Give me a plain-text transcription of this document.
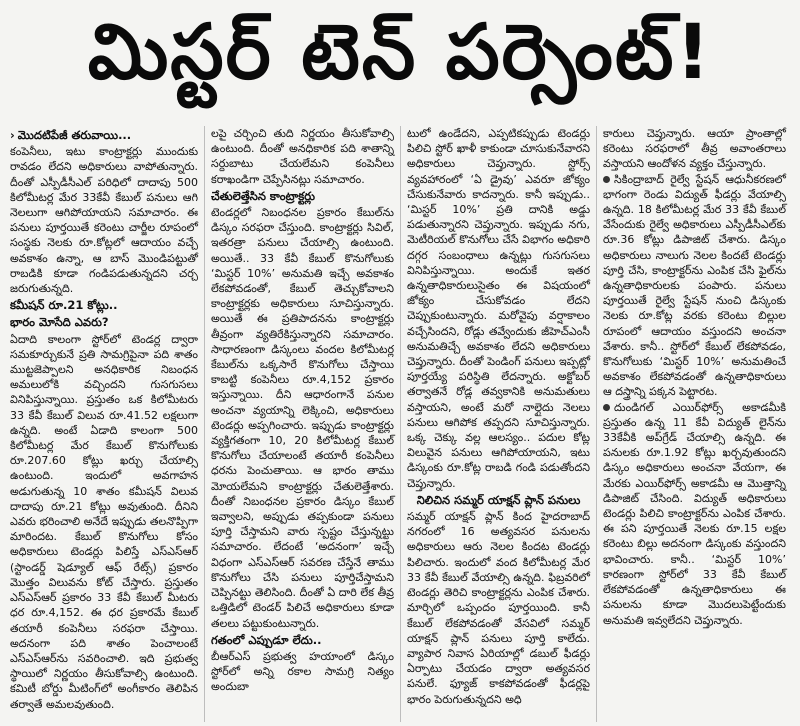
మిస్టర్ టెన్ పర్సెంట్!
› మొదటిపేజీ తరువాయి...

కంపెనీలు, ఇటు కాంట్రాక్టర్లు ముందుకు రావడం లేదని అధికారులు వాపోతున్నారు. దీంతో ఎస్పీడీసీఎల్ పరిధిలో దాదాపు 500 కిలోమీటర్ల మేర 33కేవీ కేబుల్ పనులు ఆగి నెలలుగా ఆగిపోయాయని సమాచారం. ఈ పనులు పూర్తయితే కరెంటు చార్జీల రూపంలో సంస్థకు నెలకు రూ.కోట్లలో ఆదాయం వచ్చే అవకాశం ఉన్నా, ఆ బాస్ మొండిపట్టుతో రాబడికి కూడా గండిపడుతున్నదని చర్చ జరుగుతున్నది.

కమీషన్ రూ.21 కోట్లు..
భారం మోసేది ఎవరు?

ఏదాది కాలంగా స్టోర్‌లో టెండర్ల ద్వారా సమకూర్చుకునే ప్రతి సామగ్రిపైనా పది శాతం ముట్టజెప్పాలని అనధికారిక నిబంధన అమలులోకి వచ్చిందని గుసగుసలు వినిపిస్తున్నాయి. ప్రస్తుతం ఒక కిలోమీటరు 33 కేవీ కేబుల్ విలువ రూ.41.52 లక్షలుగా ఉన్నది. అంటే ఏడాది కాలంగా 500 కిలోమీటర్ల మేర కేబుల్ కొనుగోలుకు రూ.207.60 కోట్లు ఖర్చు చేయాల్సి ఉంటుంది. ఇందులో అవగాహన అడుగుతున్న 10 శాతం కమీషన్ విలువ దాదాపు రూ.21 కోట్లు అవుతుంది. దీనిని ఎవరు భరించాలి అనేదే ఇప్పుడు తలనొప్పిగా మారిందట. కేబుల్ కొనుగోలు కోసం అధికారులు టెండర్లు పిలిస్తే ఎస్ఎస్ఆర్ (స్టాండర్డ్ షెడ్యూల్ ఆఫ్ రేట్స్) ప్రకారం మొత్తం విలువను కోట్ చేస్తారు. ప్రస్తుతం ఎస్ఎస్ఆర్ ప్రకారం 33 కేవీ కేబుల్ మీటరు ధర రూ.4,152. ఈ ధర ప్రకారమే కేబుల్ తయారీ కంపెనీలు సరఫరా చేస్తాయి. అదనంగా పది శాతం పెంచాలంటే ఎస్ఎస్ఆర్‌ను సవరించాలి. ఇది ప్రభుత్వ స్థాయిలో నిర్ణయం తీసుకోవాల్సి ఉంటుంది. కమిటీ బోర్డు మీటింగ్‌లో అంగీకారం తెలిపిన తర్వాతే అమలవుతుంది.

లపై చర్చించి తుది నిర్ణయం తీసుకోవాల్సి ఉంటుంది. దీంతో అనధికారిక పది శాతాన్ని సర్దుబాటు చేయలేమని కంపెనీలు కరాఖండిగా చెప్పేసినట్లు సమాచారం.

చేతులెత్తేసిన కాంట్రాక్టర్లు

టెండర్లలో నిబంధనల ప్రకారం కేబుల్‌ను డిస్కం సరఫరా చేస్తుంది. కాంట్రాక్టర్లు సివిల్, ఇతరత్రా పనులు చేయాల్సి ఉంటుంది. అయితే.. 33 కేవీ కేబుల్ కొనుగోలుకు ‘మిస్టర్ 10%’ అనుమతి ఇచ్చే అవకాశం లేకపోవడంతో, కేబుల్ తెచ్చుకోవాలని కాంట్రాక్టర్లకు అధికారులు సూచిస్తున్నారు. అయితే ఈ ప్రతిపాదనను కాంట్రాక్టర్లు తీవ్రంగా వ్యతిరేకిస్తున్నారని సమాచారం. సాధారణంగా డిస్కంలు వందల కిలోమీటర్ల కేబుల్‌ను ఒక్కసారే కొనుగోలు చేస్తాయి కాబట్టి కంపెనీలు రూ.4,152 ప్రకారం ఇస్తున్నాయి. దీని ఆధారంగానే పనుల అంచనా వ్యయాన్ని లెక్కించి, అధికారులు టెండర్లు అప్పగించారు. ఇప్పుడు కాంట్రాక్టర్లు వ్యక్తిగతంగా 10, 20 కిలోమీటర్ల కేబుల్ కొనుగోలు చేయాలంటే తయారీ కంపెనీలు ధరను పెంచుతాయి. ఆ భారం తాము మోయలేమని కాంట్రాక్టర్లు చేతులెత్తేశారు. దీంతో నిబంధనల ప్రకారం డిస్కం కేబుల్ ఇవ్వాలని, అప్పుడు తప్పకుండా పనులు పూర్తి చేస్తామని వారు స్పష్టం చేస్తున్నట్టు సమాచారం. లేదంటే ‘అదనంగా’ ఇచ్చే విధంగా ఎస్ఎస్ఆర్ సవరణ చేస్తేనే తాము కొనుగోలు చేసి పనులు పూర్తిచేస్తామని చెప్పినట్టు తెలిసింది. దీంతో ఏ దారి లేక తీవ్ర ఒత్తిడిలో టెండర్ పిలిచే అధికారులు కూడా తలలు పట్టుకుంటున్నారు.

గతంలో ఎప్పుడూ లేదు..

బీఆర్ఎస్ ప్రభుత్వ హయాంలో డిస్కం స్టోర్‌లో అన్ని రకాల సామగ్రి నిత్యం అందుబా

టులో ఉండేదని, ఎప్పటికప్పుడు టెండర్లు పిలిచి స్టోర్ ఖాళీ కాకుండా చూసుకునేవారని అధికారులు చెప్తున్నారు. స్టోర్స్ వ్యవహారంలో ‘ఏ డ్రైవు’ ఎవరూ జోక్యం చేసుకునేవారు కాదన్నారు. కానీ ఇప్పుడు.. ‘మిస్టర్ 10%’ ప్రతి దానికి అడ్డు పడుతున్నారని చెప్తున్నారు. ఇప్పుడు నగు, మెటీరియల్ కొనుగోలు చేసే విభాగం అధికారి దగ్గర సంబంధాలు ఉన్నట్లు గుసగుసలు వినిపిస్తున్నాయి. అందుకే ఇతర ఉన్నతాధికారులుసైతం ఈ విషయంలో జోక్యం చేసుకోవడం లేదని చెప్పుకుంటున్నారు. మరోవైపు వర్షాకాలం వచ్చేసిందని, రోడ్లు తవ్వేందుకు జీహెచ్ఎంసీ అనుమతిచ్చే అవకాశం లేదని అధికారులు చెప్తున్నారు. దీంతో పెండింగ్ పనులు ఇప్పట్లో పూర్తయ్యే పరిస్థితి లేదన్నారు. అక్టోబర్ తర్వాతనే రోడ్ల తవ్వకానికి అనుమతులు వస్తాయని, అంటే మరో నాల్గైదు నెలలు పనులు ఆగిపోక తప్పదని సూచిస్తున్నారు. ఒక్క చెక్కు వల్ల ఆలస్యం.. పదుల కోట్ల విలువైన పనులు ఆగిపోయాయని, ఇటు డిస్కంకు రూ.కోట్ల రాబడి గండి పడుతోందని చెప్తున్నారు.

నిలిచిన సమ్మర్ యాక్షన్ ప్లాన్ పనులు

సమ్మర్ యాక్షన్ ప్లాన్ కింద హైదరాబాద్ నగరంలో 16 అత్యవసర పనులను అధికారులు ఆరు నెలల కిందట టెండర్లు పిలిచారు. ఇందులో వంద కిలోమీటర్ల మేర 33 కేవీ కేబుల్ వేయాల్సి ఉన్నది. ఫిబ్రవరిలో టెండర్లు తెరిచి కాంట్రాక్టర్లను ఎంపిక చేశారు. మార్చిలో ఒప్పందం పూర్తయింది. కానీ కేబుల్ లేకపోవడంతో వేసవిలో సమ్మర్ యాక్షన్ ప్లాన్ పనులు పూర్తి కాలేదు. వ్యాపార నివాస ఏరియాల్లో డబుల్ ఫీడర్లు ఏర్పాటు చేయడం ద్వారా అత్యవసర పనులే. ఫ్యూజ్ కాకపోవడంతో ఫీడర్లపై భారం పెరుగుతున్నదని అధి

కారులు చెప్తున్నారు. ఆయా ప్రాంతాల్లో కరెంటు సరఫరాలో తీవ్ర అవాంతరాలు వస్తాయని ఆందోళన వ్యక్తం చేస్తున్నారు.

సికింద్రాబాద్ రైల్వే స్టేషన్ ఆధునీకరణలో భాగంగా రెండు విద్యుత్ ఫీడర్లు వేయాల్సి ఉన్నది. 18 కిలోమీటర్ల మేర 33 కేవీ కేబుల్ వేసేందుకు రైల్వే అధికారులు ఎస్పీడీసీఎల్‌కు రూ.36 కోట్లు డిపాజిట్ చేశారు. డిస్కం అధికారులు నాలుగు నెలల కిందటే టెండర్లు పూర్తి చేసి, కాంట్రాక్టర్‌ను ఎంపిక చేసి ఫైల్‌ను ఉన్నతాధికారులకు పంపారు. పనులు పూర్తయితే రైల్వే స్టేషన్ నుంచి డిస్కంకు నెలకు రూ.కోట్ల వరకు కరెంటు బిల్లుల రూపంలో ఆదాయం వస్తుందని అంచనా వేశారు. కానీ.. స్టోర్‌లో కేబుల్ లేకపోవడం, కొనుగోలుకు ‘మిస్టర్ 10%’ అనుమతించే అవకాశం లేకపోవడంతో ఉన్నతాధికారులు ఆ దస్త్రాన్ని పక్కన పెట్టారట.

దుండిగల్ ఎయిర్‌ఫోర్స్ అకాడమీకి ప్రస్తుతం ఉన్న 11 కేవీ విద్యుత్ లైన్‌ను 33కేవీకి అప్‌గ్రేడ్ చేయాల్సి ఉన్నది. ఈ పనులకు రూ.1.92 కోట్లు ఖర్చవుతుందని డిస్కం అధికారులు అంచనా వేయగా, ఈ మేరకు ఎయిర్‌ఫోర్స్ అకాడమీ ఆ మొత్తాన్ని డిపాజిట్ చేసింది. విద్యుత్ అధికారులు టెండర్లు పిలిచి కాంట్రాక్టర్‌ను ఎంపిక చేశారు. ఈ పని పూర్తయితే నెలకు రూ.15 లక్షల కరెంటు బిల్లు అదనంగా డిస్కంకు వస్తుందని భావించారు. కానీ.. ‘మిస్టర్ 10%’ కారణంగా స్టోర్‌లో 33 కేవీ కేబుల్ లేకపోవడంతో ఉన్నతాధికారులు ఈ పనులను కూడా మొదలుపెట్టేందుకు అనుమతి ఇవ్వలేదని చెప్తున్నారు.
